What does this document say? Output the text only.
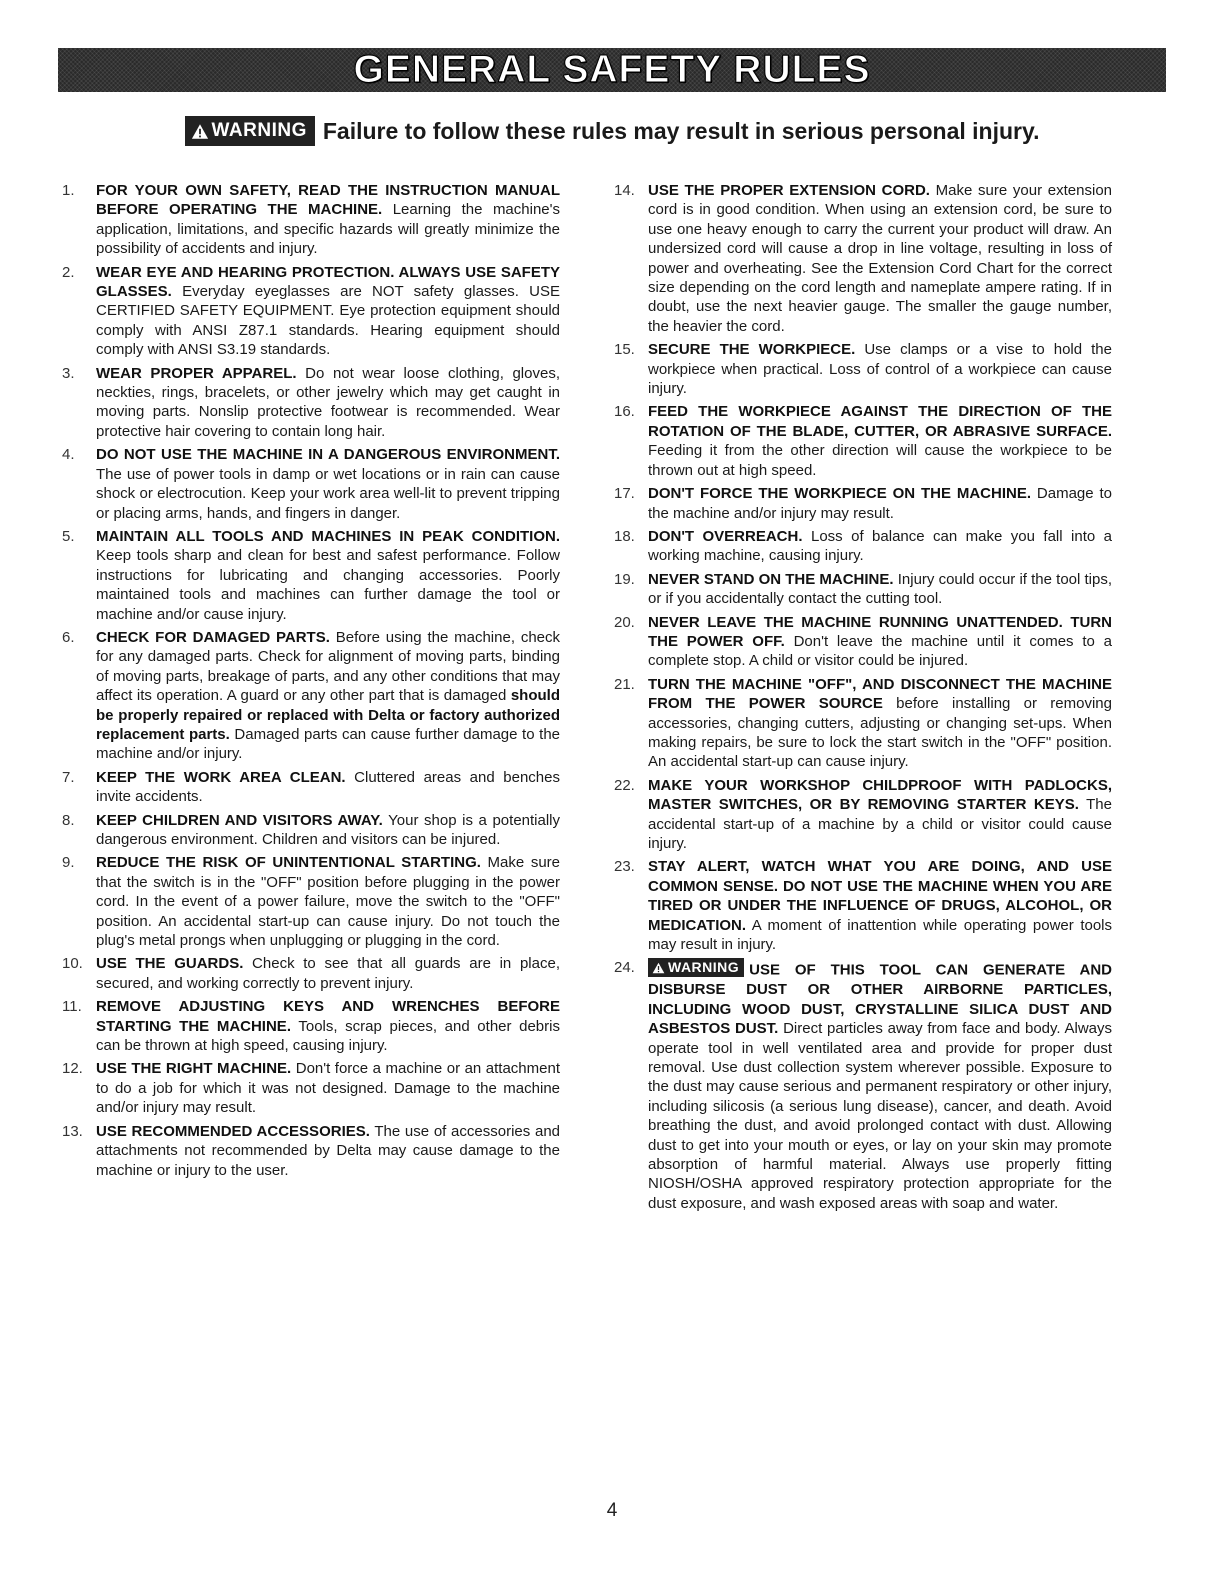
GENERAL SAFETY RULES
WARNING Failure to follow these rules may result in serious personal injury.
1.	FOR YOUR OWN SAFETY, READ THE INSTRUCTION MANUAL BEFORE OPERATING THE MACHINE. Learning the machine's application, limitations, and specific hazards will greatly minimize the possibility of accidents and injury.
2.	WEAR EYE AND HEARING PROTECTION. ALWAYS USE SAFETY GLASSES. Everyday eyeglasses are NOT safety glasses. USE CERTIFIED SAFETY EQUIPMENT. Eye protection equipment should comply with ANSI Z87.1 standards. Hearing equipment should comply with ANSI S3.19 standards.
3.	WEAR PROPER APPAREL. Do not wear loose clothing, gloves, neckties, rings, bracelets, or other jewelry which may get caught in moving parts. Nonslip protective footwear is recommended. Wear protective hair covering to contain long hair.
4.	DO NOT USE THE MACHINE IN A DANGEROUS ENVIRONMENT. The use of power tools in damp or wet locations or in rain can cause shock or electrocution. Keep your work area well-lit to prevent tripping or placing arms, hands, and fingers in danger.
5.	MAINTAIN ALL TOOLS AND MACHINES IN PEAK CONDITION. Keep tools sharp and clean for best and safest performance. Follow instructions for lubricating and changing accessories. Poorly maintained tools and machines can further damage the tool or machine and/or cause injury.
6.	CHECK FOR DAMAGED PARTS. Before using the machine, check for any damaged parts. Check for alignment of moving parts, binding of moving parts, breakage of parts, and any other conditions that may affect its operation. A guard or any other part that is damaged should be properly repaired or replaced with Delta or factory authorized replacement parts. Damaged parts can cause further damage to the machine and/or injury.
7.	KEEP THE WORK AREA CLEAN. Cluttered areas and benches invite accidents.
8.	KEEP CHILDREN AND VISITORS AWAY. Your shop is a potentially dangerous environment. Children and visitors can be injured.
9.	REDUCE THE RISK OF UNINTENTIONAL STARTING. Make sure that the switch is in the "OFF" position before plugging in the power cord. In the event of a power failure, move the switch to the "OFF" position. An accidental start-up can cause injury. Do not touch the plug's metal prongs when unplugging or plugging in the cord.
10. USE THE GUARDS. Check to see that all guards are in place, secured, and working correctly to prevent injury.
11. REMOVE ADJUSTING KEYS AND WRENCHES BEFORE STARTING THE MACHINE. Tools, scrap pieces, and other debris can be thrown at high speed, causing injury.
12. USE THE RIGHT MACHINE. Don't force a machine or an attachment to do a job for which it was not designed. Damage to the machine and/or injury may result.
13. USE RECOMMENDED ACCESSORIES. The use of accessories and attachments not recommended by Delta may cause damage to the machine or injury to the user.
14. USE THE PROPER EXTENSION CORD. Make sure your extension cord is in good condition. When using an extension cord, be sure to use one heavy enough to carry the current your product will draw. An undersized cord will cause a drop in line voltage, resulting in loss of power and overheating. See the Extension Cord Chart for the correct size depending on the cord length and nameplate ampere rating. If in doubt, use the next heavier gauge. The smaller the gauge number, the heavier the cord.
15. SECURE THE WORKPIECE. Use clamps or a vise to hold the workpiece when practical. Loss of control of a workpiece can cause injury.
16. FEED THE WORKPIECE AGAINST THE DIRECTION OF THE ROTATION OF THE BLADE, CUTTER, OR ABRASIVE SURFACE. Feeding it from the other direction will cause the workpiece to be thrown out at high speed.
17. DON'T FORCE THE WORKPIECE ON THE MACHINE. Damage to the machine and/or injury may result.
18. DON'T OVERREACH. Loss of balance can make you fall into a working machine, causing injury.
19. NEVER STAND ON THE MACHINE. Injury could occur if the tool tips, or if you accidentally contact the cutting tool.
20. NEVER LEAVE THE MACHINE RUNNING UNATTENDED. TURN THE POWER OFF. Don't leave the machine until it comes to a complete stop. A child or visitor could be injured.
21. TURN THE MACHINE "OFF", AND DISCONNECT THE MACHINE FROM THE POWER SOURCE before installing or removing accessories, changing cutters, adjusting or changing set-ups. When making repairs, be sure to lock the start switch in the "OFF" position. An accidental start-up can cause injury.
22. MAKE YOUR WORKSHOP CHILDPROOF WITH PADLOCKS, MASTER SWITCHES, OR BY REMOVING STARTER KEYS. The accidental start-up of a machine by a child or visitor could cause injury.
23. STAY ALERT, WATCH WHAT YOU ARE DOING, AND USE COMMON SENSE. DO NOT USE THE MACHINE WHEN YOU ARE TIRED OR UNDER THE INFLUENCE OF DRUGS, ALCOHOL, OR MEDICATION. A moment of inattention while operating power tools may result in injury.
24.	WARNING USE OF THIS TOOL CAN GENERATE AND DISBURSE DUST OR OTHER AIRBORNE PARTICLES, INCLUDING WOOD DUST, CRYSTALLINE SILICA DUST AND ASBESTOS DUST. Direct particles away from face and body. Always operate tool in well ventilated area and provide for proper dust removal. Use dust collection system wherever possible. Exposure to the dust may cause serious and permanent respiratory or other injury, including silicosis (a serious lung disease), cancer, and death. Avoid breathing the dust, and avoid prolonged contact with dust. Allowing dust to get into your mouth or eyes, or lay on your skin may promote absorption of harmful material. Always use properly fitting NIOSH/OSHA approved respiratory protection appropriate for the dust exposure, and wash exposed areas with soap and water.
4
